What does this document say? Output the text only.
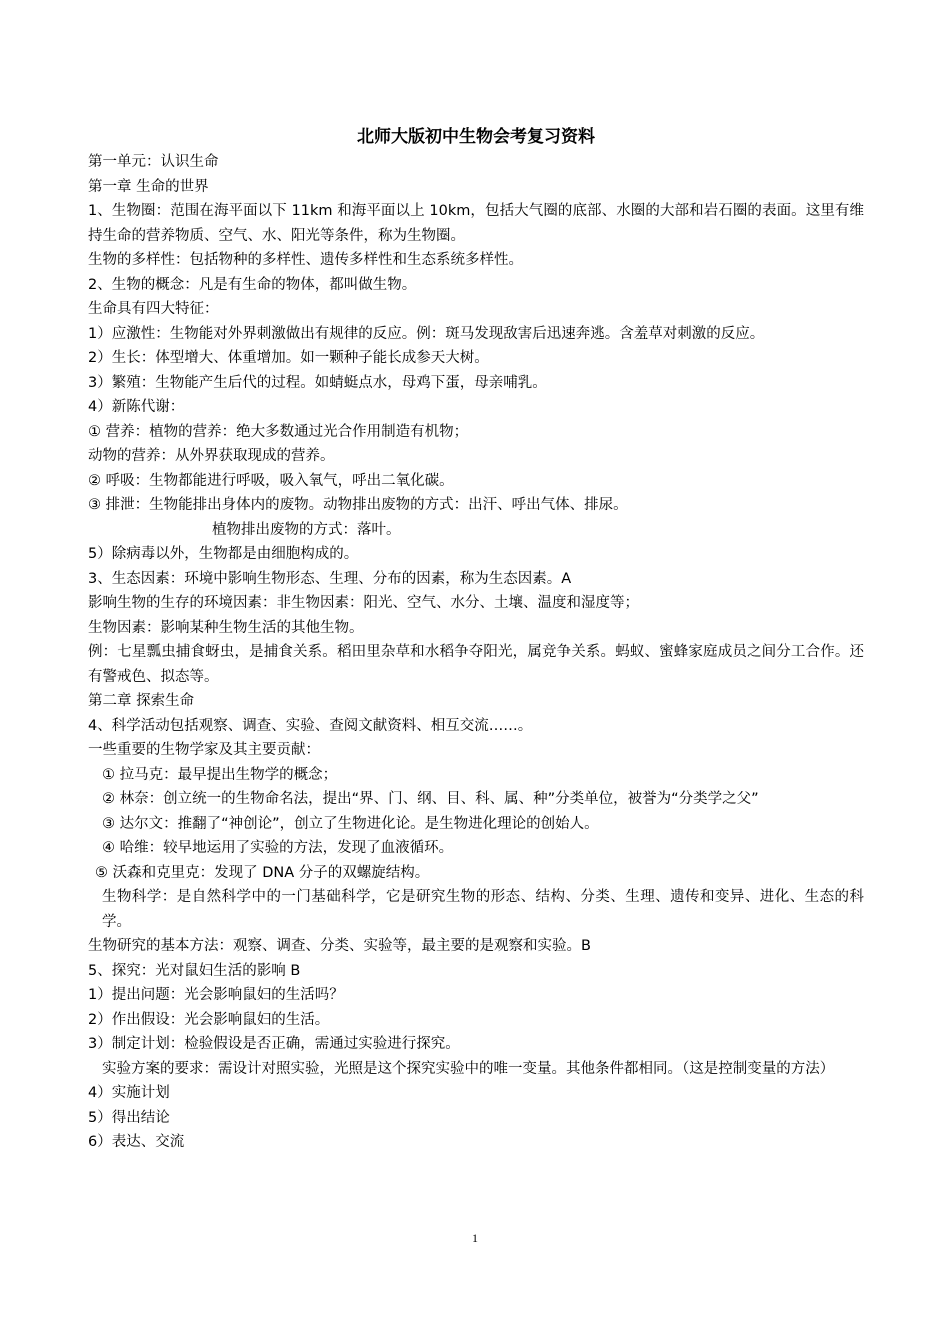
北师大版初中生物会考复习资料

第一单元：认识生命

第一章 生命的世界

1、生物圈：范围在海平面以下 11km 和海平面以上 10km，包括大气圈的底部、水圈的大部和岩石圈的表面。这里有维持生命的营养物质、空气、水、阳光等条件，称为生物圈。

生物的多样性：包括物种的多样性、遗传多样性和生态系统多样性。

2、生物的概念：凡是有生命的物体，都叫做生物。

生命具有四大特征：

1）应激性：生物能对外界刺激做出有规律的反应。例：斑马发现敌害后迅速奔逃。含羞草对刺激的反应。

2）生长：体型增大、体重增加。如一颗种子能长成参天大树。

3）繁殖：生物能产生后代的过程。如蜻蜓点水，母鸡下蛋，母亲哺乳。

4）新陈代谢：

① 营养：植物的营养：绝大多数通过光合作用制造有机物；

动物的营养：从外界获取现成的营养。

② 呼吸：生物都能进行呼吸，吸入氧气，呼出二氧化碳。

③ 排泄：生物能排出身体内的废物。动物排出废物的方式：出汗、呼出气体、排尿。

植物排出废物的方式：落叶。

5）除病毒以外，生物都是由细胞构成的。

3、生态因素：环境中影响生物形态、生理、分布的因素，称为生态因素。A

影响生物的生存的环境因素：非生物因素：阳光、空气、水分、土壤、温度和湿度等；

生物因素：影响某种生物生活的其他生物。

例：七星瓢虫捕食蚜虫，是捕食关系。稻田里杂草和水稻争夺阳光，属竞争关系。蚂蚁、蜜蜂家庭成员之间分工合作。还有警戒色、拟态等。

第二章 探索生命

4、科学活动包括观察、调查、实验、查阅文献资料、相互交流……。

一些重要的生物学家及其主要贡献：

① 拉马克：最早提出生物学的概念；

② 林奈：创立统一的生物命名法，提出“界、门、纲、目、科、属、种”分类单位，被誉为“分类学之父”

③ 达尔文：推翻了“神创论”，创立了生物进化论。是生物进化理论的创始人。

④ 哈维：较早地运用了实验的方法，发现了血液循环。

⑤ 沃森和克里克：发现了 DNA 分子的双螺旋结构。

生物科学：是自然科学中的一门基础科学，它是研究生物的形态、结构、分类、生理、遗传和变异、进化、生态的科学。

生物研究的基本方法：观察、调查、分类、实验等，最主要的是观察和实验。B

5、探究：光对鼠妇生活的影响 B

1）提出问题：光会影响鼠妇的生活吗？

2）作出假设：光会影响鼠妇的生活。

3）制定计划：检验假设是否正确，需通过实验进行探究。

实验方案的要求：需设计对照实验，光照是这个探究实验中的唯一变量。其他条件都相同。（这是控制变量的方法）

4）实施计划

5）得出结论

6）表达、交流

1
